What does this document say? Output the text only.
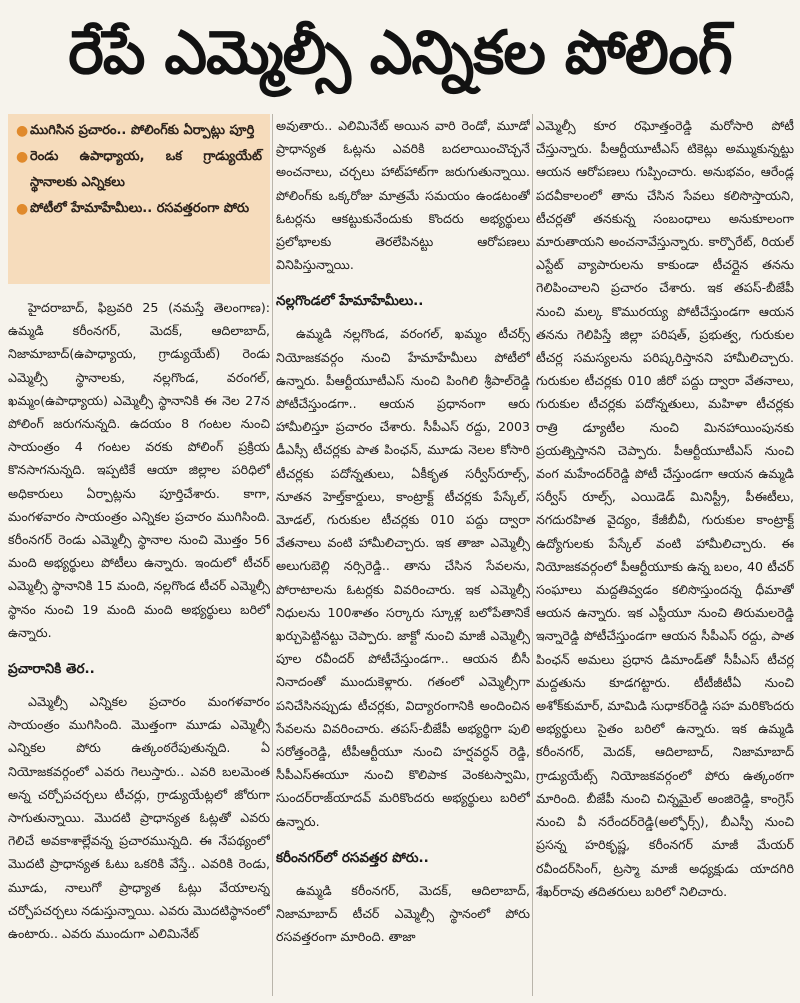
రేపే ఎమ్మెల్సీ ఎన్నికల పోలింగ్
● ముగిసిన ప్రచారం.. పోలింగ్‌కు ఏర్పాట్లు పూర్తి
● రెండు ఉపాధ్యాయ, ఒక గ్రాడ్యుయేట్‌ స్థానాలకు ఎన్నికలు
● పోటీలో హేమాహేమీలు.. రసవత్తరంగా పోరు

హైదరాబాద్‌, ఫిబ్రవరి 25 (నమస్తే తెలంగాణ): ఉమ్మడి కరీంనగర్‌, మెదక్‌, ఆదిలాబాద్‌, నిజామాబాద్‌(ఉపాధ్యాయ, గ్రాడ్యుయేట్‌) రెండు ఎమ్మెల్సీ స్థానాలకు, నల్లగొండ, వరంగల్‌, ఖమ్మం(ఉపాధ్యాయ) ఎమ్మెల్సీ స్థానానికి ఈ నెల 27న పోలింగ్‌ జరుగనున్నది. ఉదయం 8 గంటల నుంచి సాయంత్రం 4 గంటల వరకు పోలింగ్‌ ప్రక్రియ కొనసాగనున్నది. ఇప్పటికే ఆయా జిల్లాల పరిధిలో అధికారులు ఏర్పాట్లను పూర్తిచేశారు. కాగా, మంగళవారం సాయంత్రం ఎన్నికల ప్రచారం ముగిసింది. కరీంనగర్‌ రెండు ఎమ్మెల్సీ స్థానాల నుంచి మొత్తం 56 మంది అభ్యర్థులు పోటీలు ఉన్నారు. ఇందులో టీచర్‌ ఎమ్మెల్సీ స్థానానికి 15 మంది, నల్లగొండ టీచర్‌ ఎమ్మెల్సీ స్థానం నుంచి 19 మంది మంది అభ్యర్థులు బరిలో ఉన్నారు.

ప్రచారానికి తెర..

ఎమ్మెల్సీ ఎన్నికల ప్రచారం మంగళవారం సాయంత్రం ముగిసింది. మొత్తంగా మూడు ఎమ్మెల్సీ ఎన్నికల పోరు ఉత్కంఠరేపుతున్నది. ఏ నియోజకవర్గంలో ఎవరు గెలుస్తారు.. ఎవరి బలమెంత అన్న చర్చోపచర్చలు టీచర్లు, గ్రాడ్యుయేట్లలో జోరుగా సాగుతున్నాయి. మొదటి ప్రాధాన్యత ఓట్లతో ఎవరు గెలిచే అవకాశాల్లేవన్న ప్రచారమున్నది. ఈ నేపథ్యంలో మొదటి ప్రాధాన్యత ఓటు ఒకరికి వేస్తే.. ఎవరికి రెండు, మూడు, నాలుగో ప్రాధ్యాత ఓట్లు వేయాలన్న చర్చోపచర్చలు నడుస్తున్నాయి. ఎవరు మొదటిస్థానంలో ఉంటారు.. ఎవరు ముందుగా ఎలిమినేట్‌

అవుతారు.. ఎలిమినేట్‌ అయిన వారి రెండో, మూడో ప్రాధాన్యత ఓట్లను ఎవరికి బదలాయించొచ్చనే అంచనాలు, చర్చలు హాట్‌హాట్‌గా జరుగుతున్నాయి. పోలింగ్‌కు ఒక్కరోజు మాత్రమే సమయం ఉండటంతో ఓటర్లను ఆకట్టుకునేందుకు కొందరు అభ్యర్థులు ప్రలోభాలకు తెరలేపినట్టు ఆరోపణలు వినిపిస్తున్నాయి.

నల్లగొండలో హేమాహేమీలు..

ఉమ్మడి నల్లగొండ, వరంగల్‌, ఖమ్మం టీచర్స్‌ నియోజకవర్గం నుంచి హేమాహేమీలు పోటీలో ఉన్నారు. పీఆర్టీయూటీఎస్‌ నుంచి పింగిలి శ్రీపాల్‌రెడ్డి పోటీచేస్తుండగా.. ఆయన ప్రధానంగా ఆరు హామీలిస్తూ ప్రచారం చేశారు. సీపీఎస్‌ రద్దు, 2003 డీఎస్సీ టీచర్లకు పాత పింఛన్‌, మూడు నెలల కోసారి టీచర్లకు పదోన్నతులు, ఏకీకృత సర్వీస్‌రూల్స్‌, నూతన హెల్త్‌కార్డులు, కాంట్రాక్ట్‌ టీచర్లకు పేస్కేల్‌, మోడల్‌, గురుకుల టీచర్లకు 010 పద్దు ద్వారా వేతనాలు వంటి హామీలిచ్చారు. ఇక తాజా ఎమ్మెల్సీ అలుగుబెల్లి నర్సిరెడ్డి.. తాను చేసిన సేవలను, పోరాటాలను ఓటర్లకు వివరించారు. ఇక ఎమ్మెల్సీ నిధులను 100శాతం సర్కారు స్కూళ్ల బలోపేతానికే ఖర్చుపెట్టినట్టు చెప్పారు. జాక్టో నుంచి మాజీ ఎమ్మెల్సీ పూల రవీందర్‌ పోటీచేస్తుండగా.. ఆయన బీసీ నినాదంతో ముందుకెళ్లారు. గతంలో ఎమ్మెల్సీగా పనిచేసినప్పుడు టీచర్లకు, విద్యారంగానికి అందించిన సేవలను వివరించారు. తపస్‌-బీజేపీ అభ్యర్థిగా పులి సరోత్తంరెడ్డి, టీపీఆర్టీయూ నుంచి హర్షవర్ధన్‌ రెడ్డి, సీపీఎస్‌ఈయూ నుంచి కొలిపాక వెంకటస్వామి, సుందర్‌రాజ్‌యాదవ్‌ మరికొందరు అభ్యర్థులు బరిలో ఉన్నారు.

కరీంనగర్‌లో రసవత్తర పోరు..

ఉమ్మడి కరీంనగర్‌, మెదక్‌, ఆదిలాబాద్‌, నిజామాబాద్‌ టీచర్‌ ఎమ్మెల్సీ స్థానంలో పోరు రసవత్తరంగా మారింది. తాజా

ఎమ్మెల్సీ కూర రఘోత్తంరెడ్డి మరోసారి పోటీ చేస్తున్నారు. పీఆర్టీయూటీఎస్‌ టికెట్లు అమ్ముకున్నట్టు ఆయన ఆరోపణలు గుప్పించారు. అనుభవం, ఆరేండ్ల పదవీకాలంలో తాను చేసిన సేవలు కలిసొస్తాయని, టీచర్లతో తనకున్న సంబంధాలు అనుకూలంగా మారుతాయని అంచనావేస్తున్నారు. కార్పొరేట్‌, రియల్‌ ఎస్టేట్‌ వ్యాపారులను కాకుండా టీచర్లైన తనను గెలిపించాలని ప్రచారం చేశారు. ఇక తపస్‌-బీజేపీ నుంచి మల్క కొమురయ్య పోటీచేస్తుండగా ఆయన తనను గెలిపిస్తే జిల్లా పరిషత్‌, ప్రభుత్వ, గురుకుల టీచర్ల సమస్యలను పరిష్కరిస్తానని హామీలిచ్చారు. గురుకుల టీచర్లకు 010 జీరో పద్దు ద్వారా వేతనాలు, గురుకుల టీచర్లకు పదోన్నతులు, మహిళా టీచర్లకు రాత్రి డ్యూటీల నుంచి మినహాయింపునకు ప్రయత్నిస్తానని చెప్పారు. పీఆర్టీయూటీఎస్‌ నుంచి వంగ మహేందర్‌రెడ్డి పోటీ చేస్తుండగా ఆయన ఉమ్మడి సర్వీస్‌ రూల్స్‌, ఎయిడెడ్‌ మినిస్ట్రీ, పీఈటీలు, నగదురహిత వైద్యం, కేజీబీవీ, గురుకుల కాంట్రాక్ట్‌ ఉద్యోగులకు పేస్కేల్‌ వంటి హామీలిచ్చారు. ఈ నియోజకవర్గంలో పీఆర్టీయూకు ఉన్న బలం, 40 టీచర్‌ సంఘాలు మద్దతివ్వడం కలిసొస్తుందన్న ధీమాతో ఆయన ఉన్నారు. ఇక ఎస్టీయూ నుంచి తిరుమలరెడ్డి ఇన్నారెడ్డి పోటీచేస్తుండగా ఆయన సీపీఎస్‌ రద్దు, పాత పింఛన్‌ అమలు ప్రధాన డిమాండ్‌తో సీపీఎస్‌ టీచర్ల మద్దతును కూడగట్టారు. టీటీజీటీఏ నుంచి అశోక్‌కుమార్‌, మామిడి సుధాకర్‌రెడ్డి సహ మరికొందరు అభ్యర్థులు సైతం బరిలో ఉన్నారు. ఇక ఉమ్మడి కరీంనగర్‌, మెదక్‌, ఆదిలాబాద్‌, నిజామాబాద్‌ గ్రాడ్యుయేట్స్‌ నియోజకవర్గంలో పోరు ఉత్కంఠగా మారింది. బీజేపీ నుంచి చిన్నమైల్‌ అంజిరెడ్డి, కాంగ్రెస్‌ నుంచి వీ నరేందర్‌రెడ్డి(అల్ఫోర్స్‌), బీఎస్పీ నుంచి ప్రసన్న హరికృష్ణ, కరీంనగర్‌ మాజీ మేయర్‌ రవీందర్‌సింగ్‌, ట్రస్మా మాజీ అధ్యక్షుడు యాదగిరి శేఖర్‌రావు తదితరులు బరిలో నిలిచారు.
